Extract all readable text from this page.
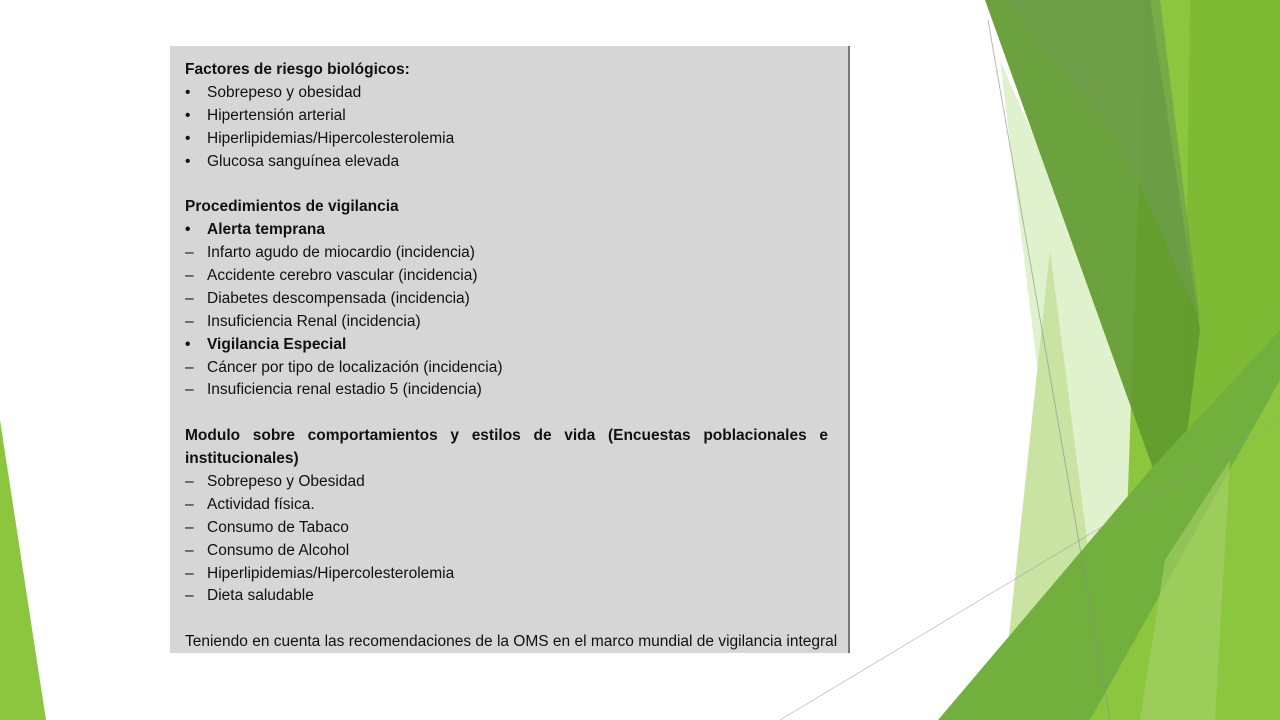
Factores de riesgo biológicos:
•	Sobrepeso y obesidad
•	Hipertensión arterial
•	Hiperlipidemias/Hipercolesterolemia
•	Glucosa sanguínea elevada
Procedimientos de vigilancia
•	Alerta temprana
– Infarto agudo de miocardio (incidencia)
– Accidente cerebro vascular (incidencia)
– Diabetes descompensada (incidencia)
– Insuficiencia Renal (incidencia)
•	Vigilancia Especial
– Cáncer por tipo de localización (incidencia)
– Insuficiencia renal estadio 5 (incidencia)
Modulo sobre comportamientos y estilos de vida (Encuestas poblacionales e
institucionales)
– Sobrepeso y Obesidad
– Actividad física.
– Consumo de Tabaco
– Consumo de Alcohol
– Hiperlipidemias/Hipercolesterolemia
– Dieta saludable
Teniendo en cuenta las recomendaciones de la OMS en el marco mundial de vigilancia integral
